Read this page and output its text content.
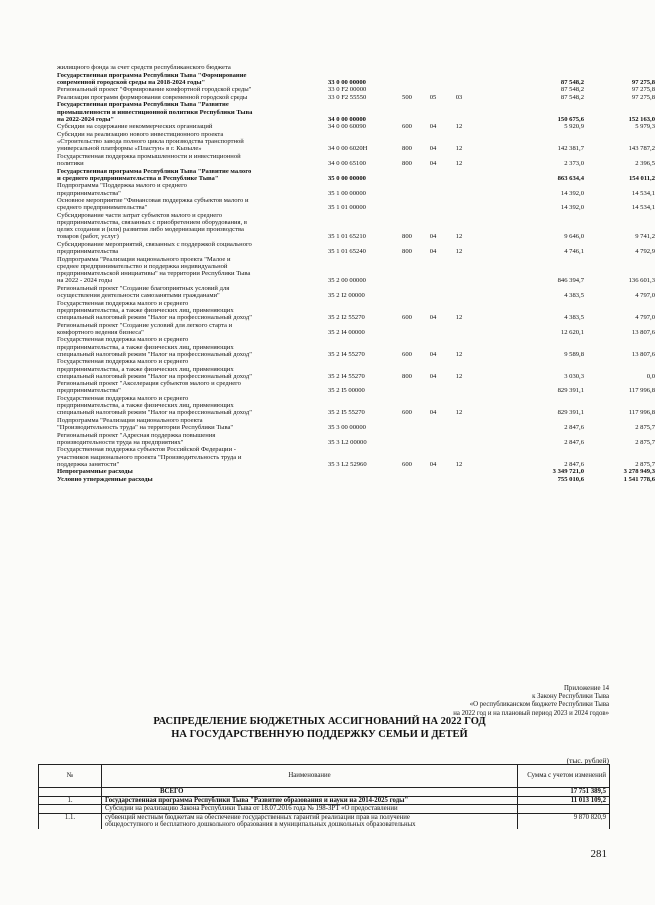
жилищного фонда за счет средств республиканского бюджета
Государственная программа Республики Тыва "Формирование
современной городской среды на 2018-2024 годы"	33 0 00 00000	87 548,2	97 275,8
Региональный проект "Формирование комфортной городской среды"	33 0 F2 00000	87 548,2	97 275,8
Реализация программ формирования современной городской среды	33 0 F2 55550	500	05	03	87 548,2	97 275,8
Государственная программа Республики Тыва "Развитие
промышленности и инвестиционной политики Республики Тыва
на 2022-2024 годы"	34 0 00 00000	150 675,6	152 163,0
Субсидии на содержание некоммерческих организаций	34 0 00 60090	600	04	12	5 920,9	5 979,3
Субсидии на реализацию нового инвестиционного проекта
«Строительство завода полного цикла производства транспортной
универсальной платформы «Пластун» в г. Кызыле»	34 0 00 6020Н	800	04	12	142 381,7	143 787,2
Государственная поддержка промышленности и инвестиционной
политики	34 0 00 65100	800	04	12	2 373,0	2 396,5
Государственная программа Республики Тыва "Развитие малого
и среднего предпринимательства в Республике Тыва"	35 0 00 00000	863 634,4	154 011,2
Подпрограмма "Поддержка малого и среднего
предпринимательства"	35 1 00 00000	14 392,0	14 534,1
Основное мероприятие "Финансовая поддержка субъектов малого и
среднего предпринимательства"	35 1 01 00000	14 392,0	14 534,1
Субсидирование части затрат субъектов малого и среднего
предпринимательства, связанных с приобретением оборудования, в
целях создания и (или) развития либо модернизации производства
товаров (работ, услуг)	35 1 01 65210	800	04	12	9 646,0	9 741,2
Субсидирование мероприятий, связанных с поддержкой социального
предпринимательства	35 1 01 65240	800	04	12	4 746,1	4 792,9
Подпрограмма "Реализация национального проекта "Малое и
среднее предпринимательство и поддержка индивидуальной
предпринимательской инициативы" на территории Республики Тыва
на 2022 - 2024 годы	35 2 00 00000	846 394,7	136 601,3
Региональный проект "Создание благоприятных условий для
осуществления деятельности самозанятыми гражданами"	35 2 I2 00000	4 383,5	4 797,0
Государственная поддержка малого и среднего
предпринимательства, а также физических лиц, применяющих
специальный налоговый режим "Налог на профессиональный доход"	35 2 I2 55270	600	04	12	4 383,5	4 797,0
Региональный проект "Создание условий для легкого старта и
комфортного ведения бизнеса"	35 2 I4 00000	12 620,1	13 807,6
Государственная поддержка малого и среднего
предпринимательства, а также физических лиц, применяющих
специальный налоговый режим "Налог на профессиональный доход"	35 2 I4 55270	600	04	12	9 589,8	13 807,6
Государственная поддержка малого и среднего
предпринимательства, а также физических лиц, применяющих
специальный налоговый режим "Налог на профессиональный доход"	35 2 I4 55270	800	04	12	3 030,3	0,0
Региональный проект "Акселерация субъектов малого и среднего
предпринимательства"	35 2 I5 00000	829 391,1	117 996,8
Государственная поддержка малого и среднего
предпринимательства, а также физических лиц, применяющих
специальный налоговый режим "Налог на профессиональный доход"	35 2 I5 55270	600	04	12	829 391,1	117 996,8
Подпрограмма "Реализация национального проекта
"Производительность труда" на территории Республики Тыва"	35 3 00 00000	2 847,6	2 875,7
Региональный проект "Адресная поддержка повышения
производительности труда на предприятиях"	35 3 L2 00000	2 847,6	2 875,7
Государственная поддержка субъектов Российской Федерации -
участников национального проекта "Производительность труда и
поддержка занятости"	35 3 L2 52960	600	04	12	2 847,6	2 875,7
Непрограммные расходы	3 349 721,0	3 278 949,3
Условно утвержденные расходы	755 010,6	1 541 778,6
Приложение 14
к Закону Республики Тыва
«О республиканском бюджете Республики Тыва
на 2022 год и на плановый период 2023 и 2024 годов»
РАСПРЕДЕЛЕНИЕ БЮДЖЕТНЫХ АССИГНОВАНИЙ НА 2022 ГОД
НА ГОСУДАРСТВЕННУЮ ПОДДЕРЖКУ СЕМЬИ И ДЕТЕЙ
(тыс. рублей)
№	Наименование	Сумма с учетом изменений
	ВСЕГО	17 751 389,5
1.	Государственная программа Республики Тыва "Развитие образования и науки на 2014-2025 годы"	11 013 109,2
	Субсидии на реализацию Закона Республики Тыва от 18.07.2016 года № 198-ЗРТ «О предоставлении	
1.1.	субвенций местным бюджетам на обеспечение государственных гарантий реализации прав на получение
общедоступного и бесплатного дошкольного образования в муниципальных дошкольных образовательных	9 870 820,9
281
